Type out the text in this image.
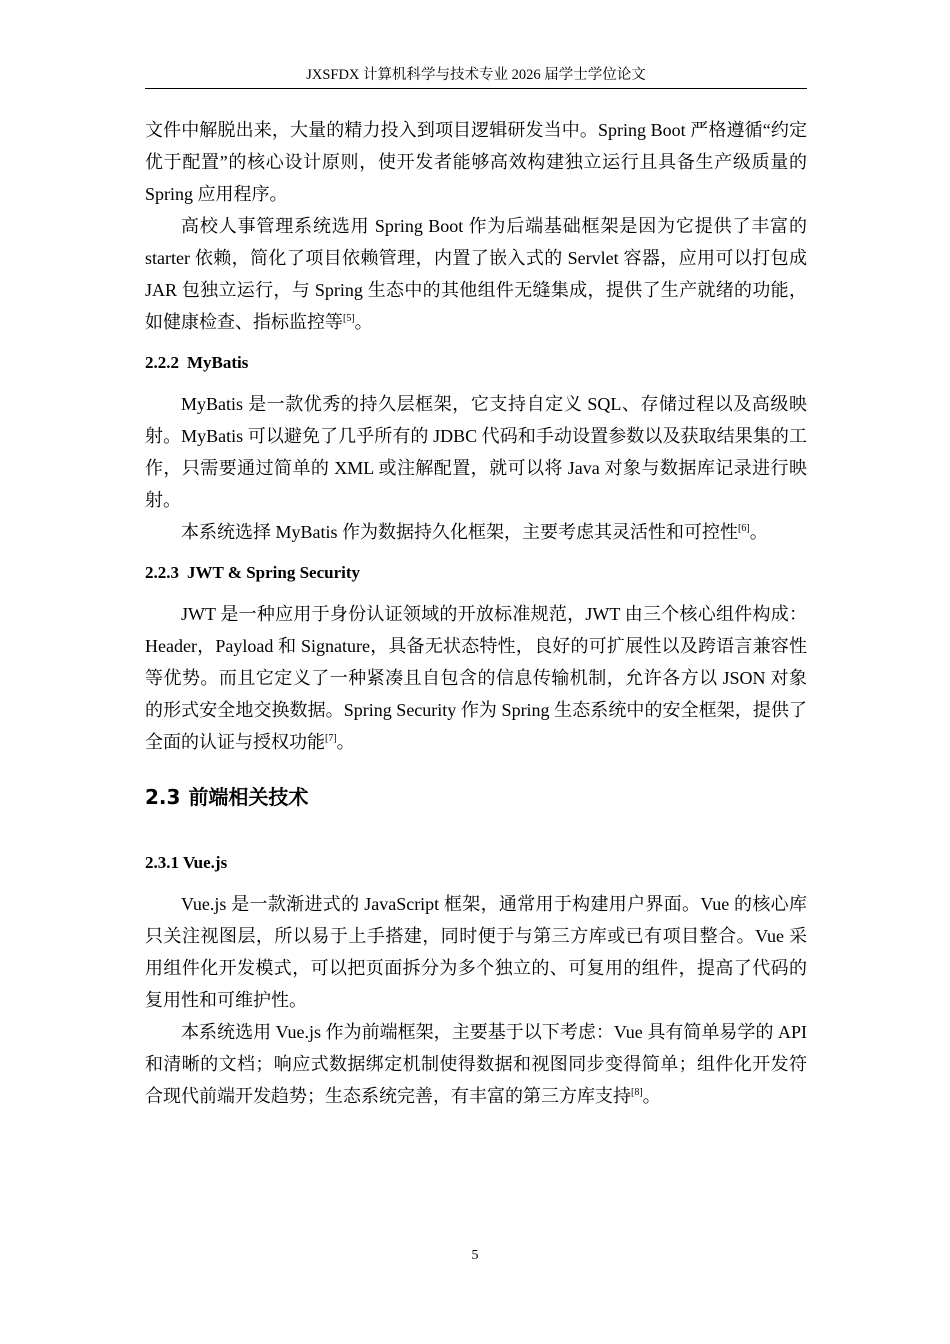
JXSFDX 计算机科学与技术专业 2026 届学士学位论文

文件中解脱出来，大量的精力投入到项目逻辑研发当中。Spring Boot 严格遵循“约定优于配置”的核心设计原则，使开发者能够高效构建独立运行且具备生产级质量的 Spring 应用程序。

高校人事管理系统选用 Spring Boot 作为后端基础框架是因为它提供了丰富的 starter 依赖，简化了项目依赖管理，内置了嵌入式的 Servlet 容器，应用可以打包成 JAR 包独立运行，与 Spring 生态中的其他组件无缝集成，提供了生产就绪的功能，如健康检查、指标监控等[5]。

2.2.2 MyBatis

MyBatis 是一款优秀的持久层框架，它支持自定义 SQL、存储过程以及高级映射。MyBatis 可以避免了几乎所有的 JDBC 代码和手动设置参数以及获取结果集的工作，只需要通过简单的 XML 或注解配置，就可以将 Java 对象与数据库记录进行映射。

本系统选择 MyBatis 作为数据持久化框架，主要考虑其灵活性和可控性[6]。

2.2.3 JWT & Spring Security

JWT 是一种应用于身份认证领域的开放标准规范，JWT 由三个核心组件构成：Header，Payload 和 Signature，具备无状态特性，良好的可扩展性以及跨语言兼容性等优势。而且它定义了一种紧凑且自包含的信息传输机制，允许各方以 JSON 对象的形式安全地交换数据。Spring Security 作为 Spring 生态系统中的安全框架，提供了全面的认证与授权功能[7]。

2.3 前端相关技术
2.3.1 Vue.js

Vue.js 是一款渐进式的 JavaScript 框架，通常用于构建用户界面。Vue 的核心库只关注视图层，所以易于上手搭建，同时便于与第三方库或已有项目整合。Vue 采用组件化开发模式，可以把页面拆分为多个独立的、可复用的组件，提高了代码的复用性和可维护性。

本系统选用 Vue.js 作为前端框架，主要基于以下考虑：Vue 具有简单易学的 API 和清晰的文档；响应式数据绑定机制使得数据和视图同步变得简单；组件化开发符合现代前端开发趋势；生态系统完善，有丰富的第三方库支持[8]。

5
